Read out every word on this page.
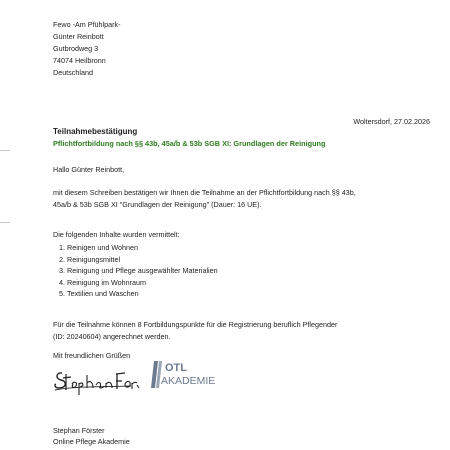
Fewo -Am Pfühlpark-
Günter Reinbott
Gutbrodweg 3
74074 Heilbronn
Deutschland
Woltersdorf, 27.02.2026
Teilnahmebestätigung
Pflichtfortbildung nach §§ 43b, 45a/b & 53b SGB XI: Grundlagen der Reinigung
Hallo Günter Reinbott,
mit diesem Schreiben bestätigen wir Ihnen die Teilnahme an der Pflichtfortbildung nach §§ 43b,
45a/b & 53b SGB XI "Grundlagen der Reinigung" (Dauer: 16 UE).
Die folgenden Inhalte wurden vermittelt:
1. Reinigen und Wohnen
2. Reinigungsmittel
3. Reinigung und Pflege ausgewählter Materialien
4. Reinigung im Wohnraum
5. Textilien und Waschen
Für die Teilnahme können 8 Fortbildungspunkte für die Registrierung beruflich Pflegender
(ID: 20240604) angerechnet werden.
Mit freundlichen Grüßen
OTL
AKADEMIE
Stephan Förster
Online Pflege Akademie
